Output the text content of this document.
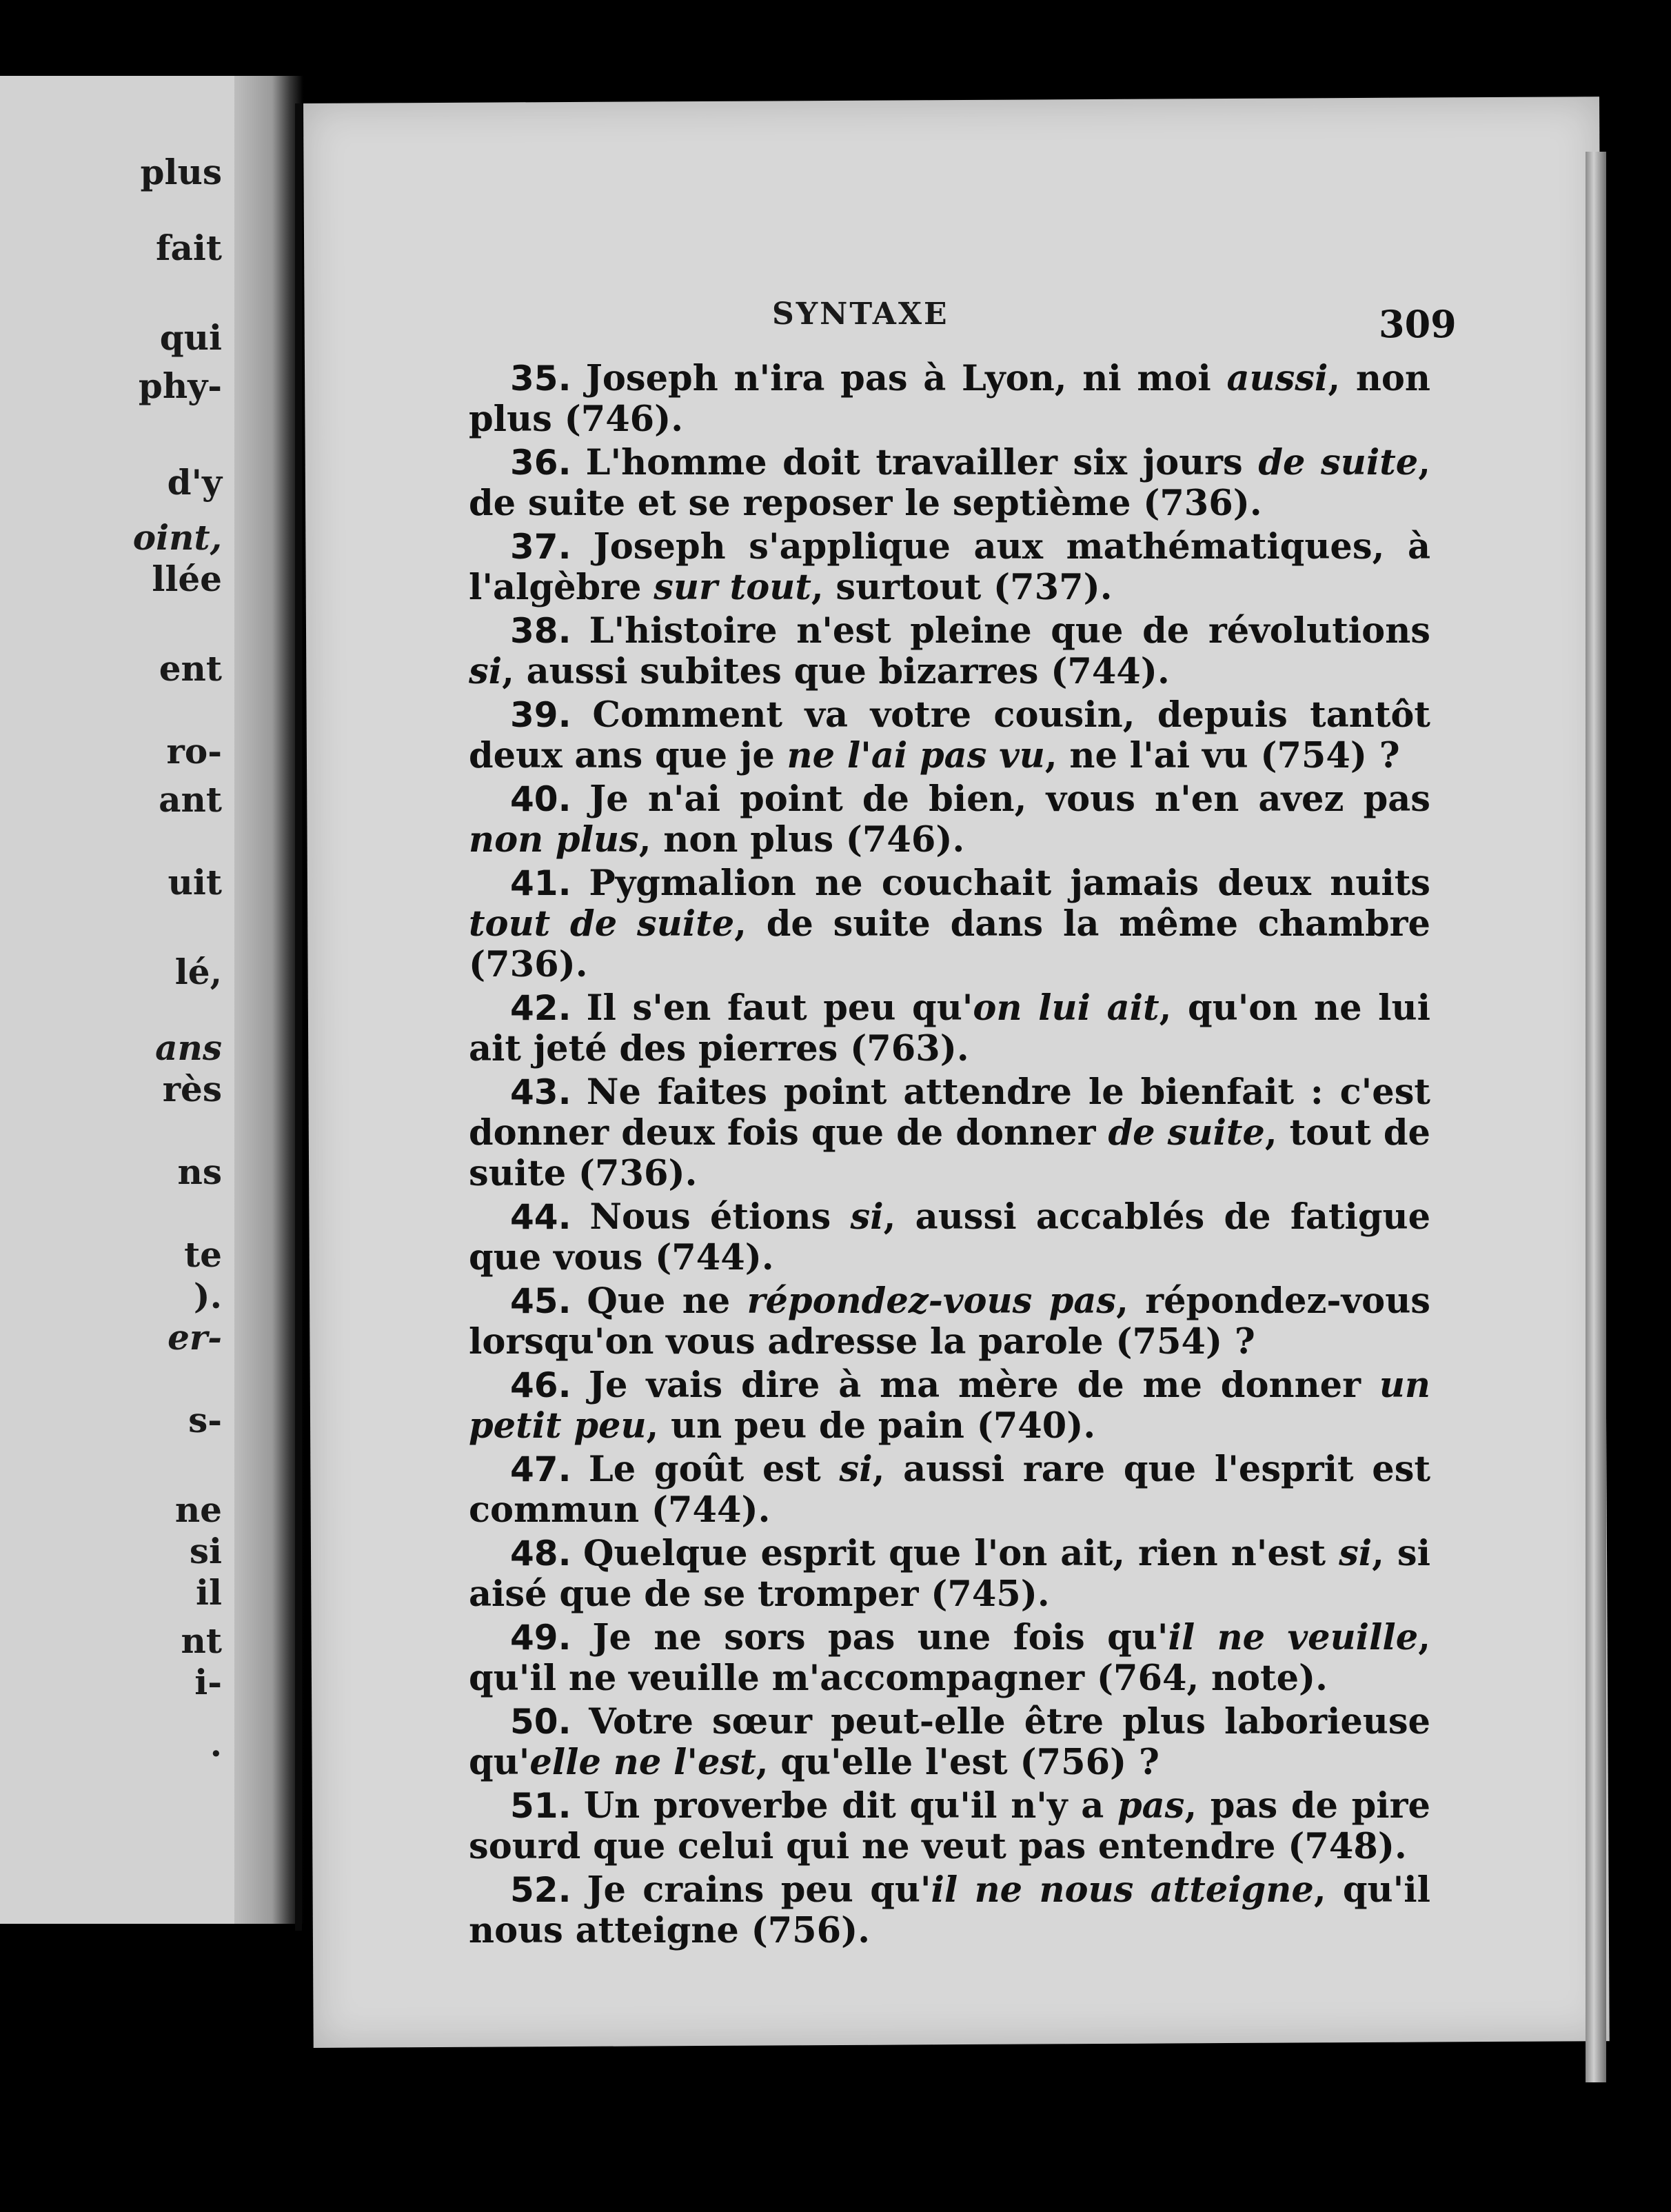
plus
fait
qui
phy-
d'y
oint,
llée
ent
ro-
ant
uit
lé,
ans
rès
ns
te
).
er-
s-
ne
si
il
nt
i-
.
SYNTAXE	309
35. Joseph n'ira pas à Lyon, ni moi aussi, non plus (746).
36. L'homme doit travailler six jours de suite, de suite et se reposer le septième (736).
37. Joseph s'applique aux mathématiques, à l'algèbre sur tout, surtout (737).
38. L'histoire n'est pleine que de révolutions si, aussi subites que bizarres (744).
39. Comment va votre cousin, depuis tantôt deux ans que je ne l'ai pas vu, ne l'ai vu (754) ?
40. Je n'ai point de bien, vous n'en avez pas non plus, non plus (746).
41. Pygmalion ne couchait jamais deux nuits tout de suite, de suite dans la même chambre (736).
42. Il s'en faut peu qu'on lui ait, qu'on ne lui ait jeté des pierres (763).
43. Ne faites point attendre le bienfait : c'est donner deux fois que de donner de suite, tout de suite (736).
44. Nous étions si, aussi accablés de fatigue que vous (744).
45. Que ne répondez-vous pas, répondez-vous lorsqu'on vous adresse la parole (754) ?
46. Je vais dire à ma mère de me donner un petit peu, un peu de pain (740).
47. Le goût est si, aussi rare que l'esprit est commun (744).
48. Quelque esprit que l'on ait, rien n'est si, si aisé que de se tromper (745).
49. Je ne sors pas une fois qu'il ne veuille, qu'il ne veuille m'accompagner (764, note).
50. Votre sœur peut-elle être plus laborieuse qu'elle ne l'est, qu'elle l'est (756) ?
51. Un proverbe dit qu'il n'y a pas, pas de pire sourd que celui qui ne veut pas entendre (748).
52. Je crains peu qu'il ne nous atteigne, qu'il nous atteigne (756).
